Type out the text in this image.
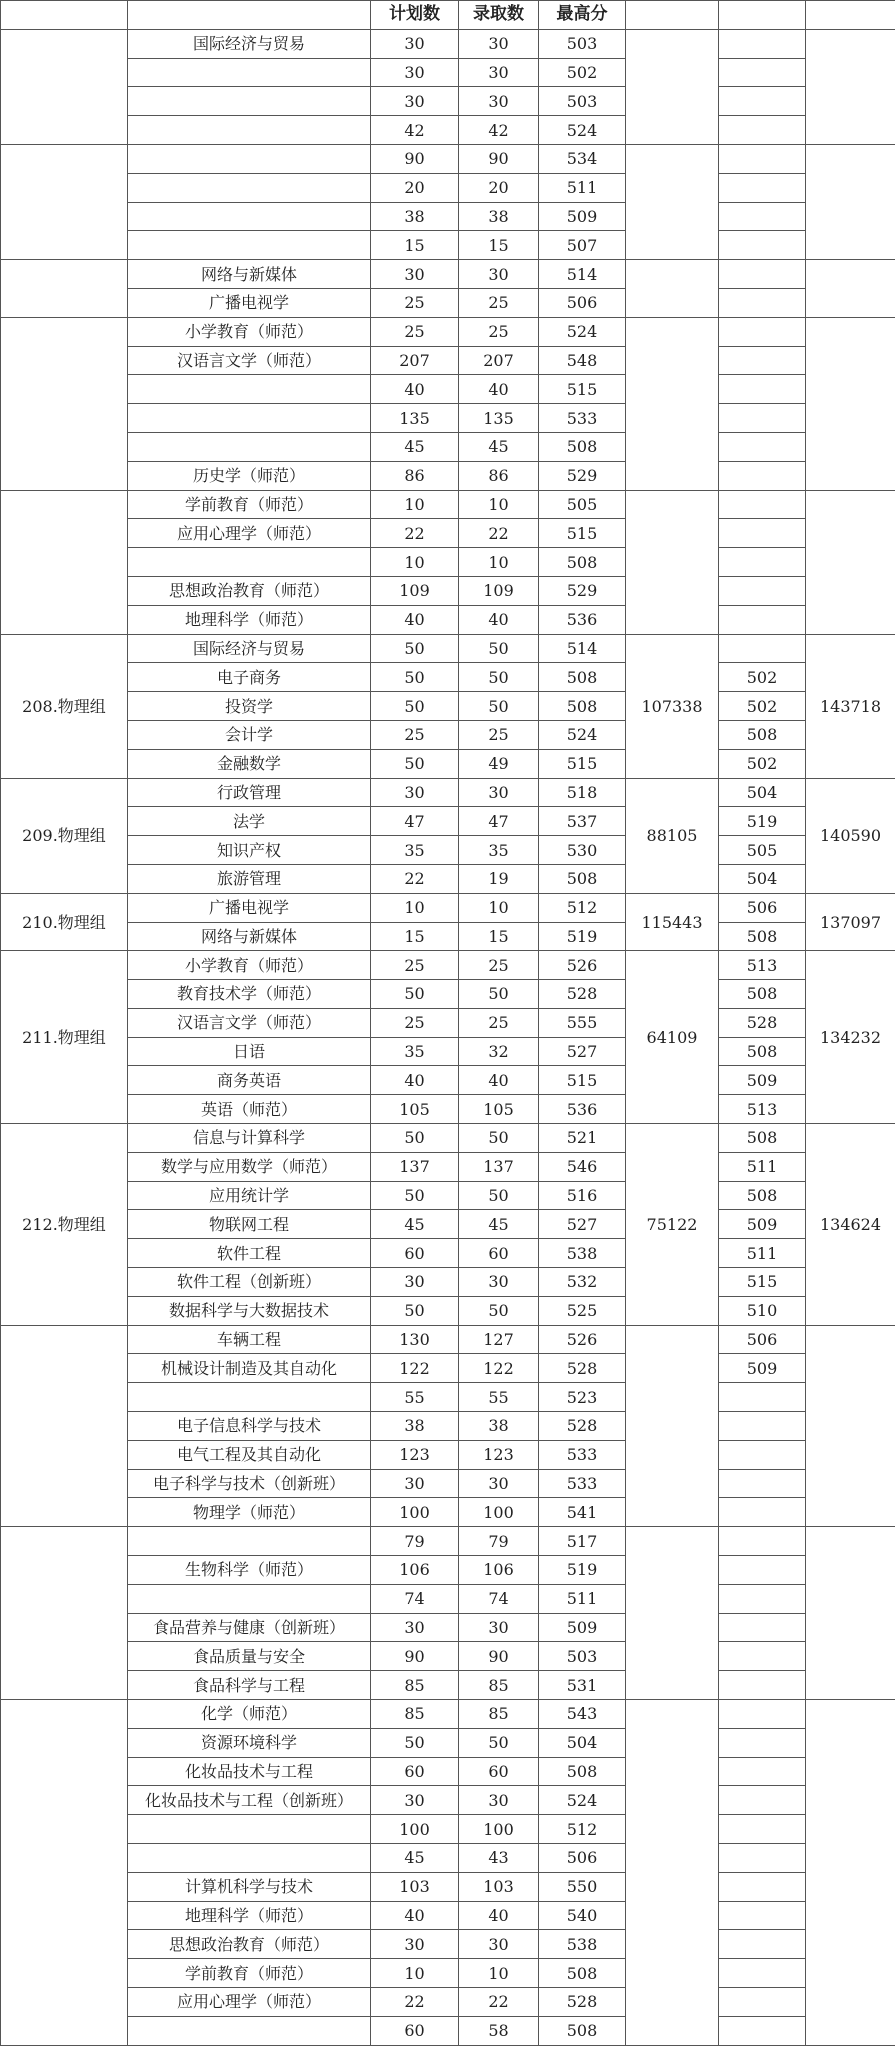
		计划数	录取数	最高分			
	国际经济与贸易	30	30	503			
		30	30	502			
		30	30	503			
		42	42	524			
		90	90	534			
		20	20	511			
		38	38	509			
		15	15	507			
	网络与新媒体	30	30	514			
	广播电视学	25	25	506			
	小学教育（师范）	25	25	524			
	汉语言文学（师范）	207	207	548			
		40	40	515			
		135	135	533			
		45	45	508			
	历史学（师范）	86	86	529			
	学前教育（师范）	10	10	505			
	应用心理学（师范）	22	22	515			
		10	10	508			
	思想政治教育（师范）	109	109	529			
	地理科学（师范）	40	40	536			
208.物理组	国际经济与贸易	50	50	514	107338		143718
	电子商务	50	50	508		502	
	投资学	50	50	508		502	
	会计学	25	25	524		508	
	金融数学	50	49	515		502	
209.物理组	行政管理	30	30	518	88105	504	140590
	法学	47	47	537		519	
	知识产权	35	35	530		505	
	旅游管理	22	19	508		504	
210.物理组	广播电视学	10	10	512	115443	506	137097
	网络与新媒体	15	15	519		508	
211.物理组	小学教育（师范）	25	25	526	64109	513	134232
	教育技术学（师范）	50	50	528		508	
	汉语言文学（师范）	25	25	555		528	
	日语	35	32	527		508	
	商务英语	40	40	515		509	
	英语（师范）	105	105	536		513	
212.物理组	信息与计算科学	50	50	521	75122	508	134624
	数学与应用数学（师范）	137	137	546		511	
	应用统计学	50	50	516		508	
	物联网工程	45	45	527		509	
	软件工程	60	60	538		511	
	软件工程（创新班）	30	30	532		515	
	数据科学与大数据技术	50	50	525		510	
	车辆工程	130	127	526		506	
	机械设计制造及其自动化	122	122	528		509	
		55	55	523			
	电子信息科学与技术	38	38	528			
	电气工程及其自动化	123	123	533			
	电子科学与技术（创新班）	30	30	533			
	物理学（师范）	100	100	541			
		79	79	517			
	生物科学（师范）	106	106	519			
		74	74	511			
	食品营养与健康（创新班）	30	30	509			
	食品质量与安全	90	90	503			
	食品科学与工程	85	85	531			
	化学（师范）	85	85	543			
	资源环境科学	50	50	504			
	化妆品技术与工程	60	60	508			
	化妆品技术与工程（创新班）	30	30	524			
		100	100	512			
		45	43	506			
	计算机科学与技术	103	103	550			
	地理科学（师范）	40	40	540			
	思想政治教育（师范）	30	30	538			
	学前教育（师范）	10	10	508			
	应用心理学（师范）	22	22	528			
		60	58	508			
